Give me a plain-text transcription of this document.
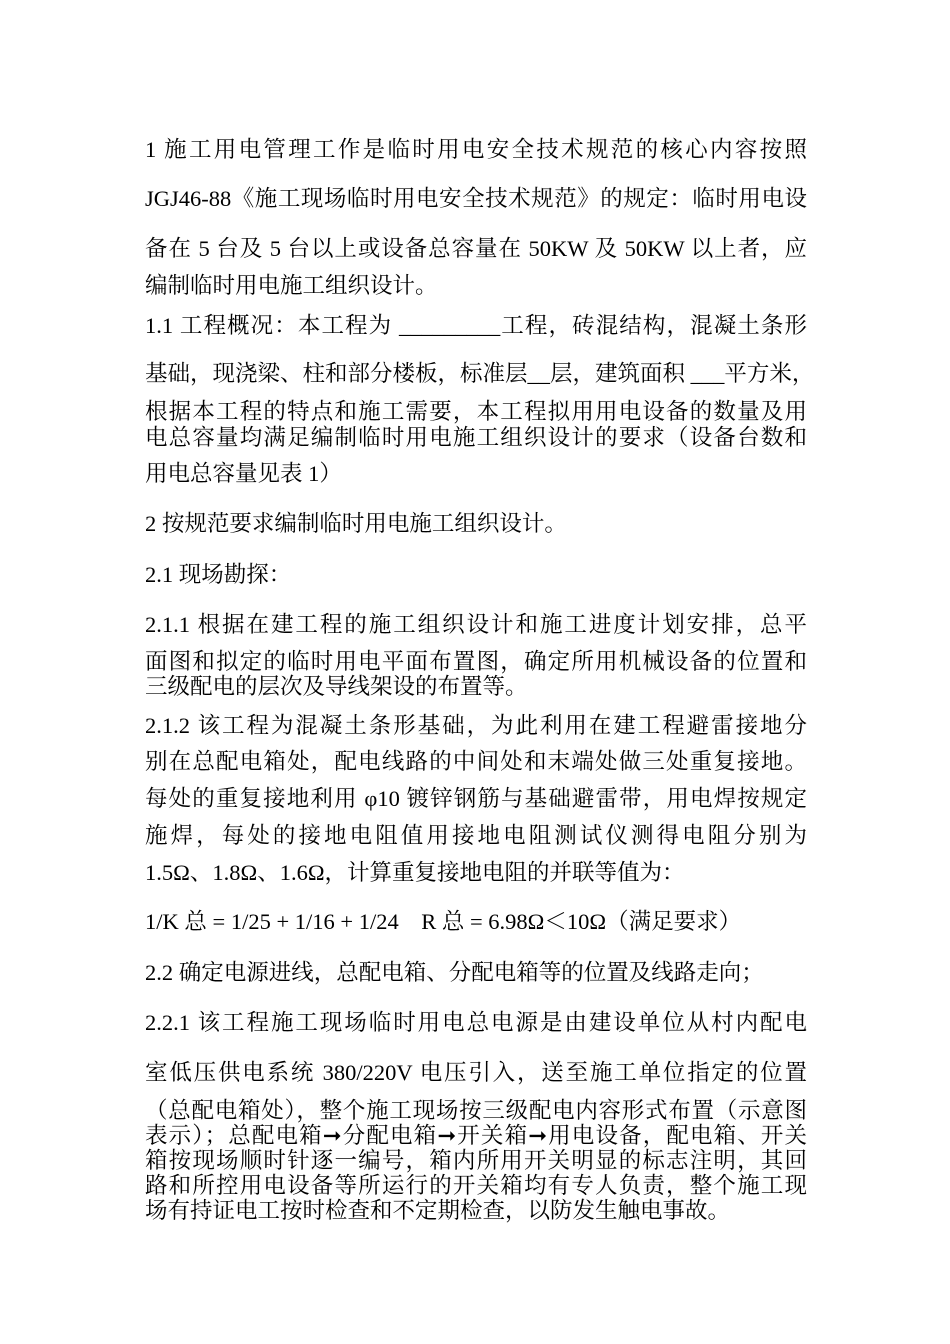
1 施工用电管理工作是临时用电安全技术规范的核心内容按照
JGJ46-88《施工现场临时用电安全技术规范》的规定：临时用电设
备在 5 台及 5 台以上或设备总容量在 50KW 及 50KW 以上者，应
编制临时用电施工组织设计。
1.1 工程概况：本工程为 _________工程，砖混结构，混凝土条形
基础，现浇梁、柱和部分楼板，标准层__层，建筑面积 ___平方米，
根据本工程的特点和施工需要，本工程拟用用电设备的数量及用
电总容量均满足编制临时用电施工组织设计的要求（设备台数和
用电总容量见表 1）
2 按规范要求编制临时用电施工组织设计。
2.1 现场勘探：
2.1.1 根据在建工程的施工组织设计和施工进度计划安排，总平
面图和拟定的临时用电平面布置图，确定所用机械设备的位置和
三级配电的层次及导线架设的布置等。
2.1.2 该工程为混凝土条形基础，为此利用在建工程避雷接地分
别在总配电箱处，配电线路的中间处和末端处做三处重复接地。
每处的重复接地利用 φ10 镀锌钢筋与基础避雷带，用电焊按规定
施焊，每处的接地电阻值用接地电阻测试仪测得电阻分别为
1.5Ω、1.8Ω、1.6Ω，计算重复接地电阻的并联等值为：
1/K 总 = 1/25 + 1/16 + 1/24　R 总 = 6.98Ω＜10Ω（满足要求）
2.2 确定电源进线，总配电箱、分配电箱等的位置及线路走向；
2.2.1 该工程施工现场临时用电总电源是由建设单位从村内配电
室低压供电系统 380/220V 电压引入，送至施工单位指定的位置
（总配电箱处），整个施工现场按三级配电内容形式布置（示意图
表示）；总配电箱➞分配电箱➞开关箱➞用电设备，配电箱、开关
箱按现场顺时针逐一编号，箱内所用开关明显的标志注明，其回
路和所控用电设备等所运行的开关箱均有专人负责，整个施工现
场有持证电工按时检查和不定期检查，以防发生触电事故。
